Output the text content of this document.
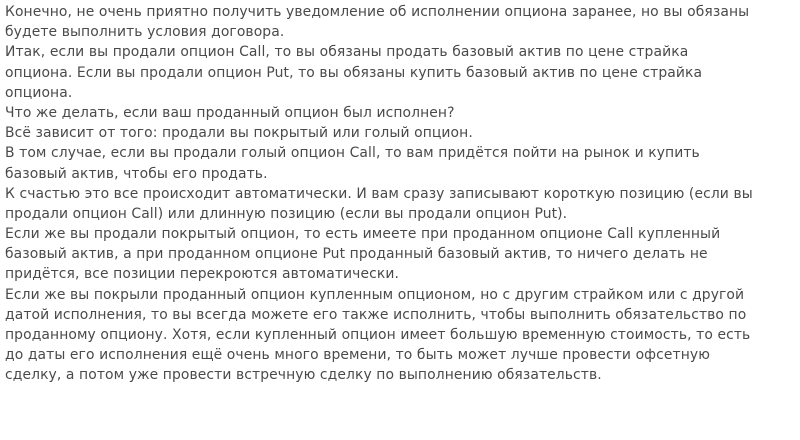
Конечно, не очень приятно получить уведомление об исполнении опциона заранее, но вы обязаны
будете выполнить условия договора.
Итак, если вы продали опцион Call, то вы обязаны продать базовый актив по цене страйка
опциона. Если вы продали опцион Put, то вы обязаны купить базовый актив по цене страйка
опциона.
Что же делать, если ваш проданный опцион был исполнен?
Всё зависит от того: продали вы покрытый или голый опцион.
В том случае, если вы продали голый опцион Call, то вам придётся пойти на рынок и купить
базовый актив, чтобы его продать.
К счастью это все происходит автоматически. И вам сразу записывают короткую позицию (если вы
продали опцион Call) или длинную позицию (если вы продали опцион Put).
Если же вы продали покрытый опцион, то есть имеете при проданном опционе Call купленный
базовый актив, а при проданном опционе Put проданный базовый актив, то ничего делать не
придётся, все позиции перекроются автоматически.
Если же вы покрыли проданный опцион купленным опционом, но с другим страйком или с другой
датой исполнения, то вы всегда можете его также исполнить, чтобы выполнить обязательство по
проданному опциону. Хотя, если купленный опцион имеет большую временную стоимость, то есть
до даты его исполнения ещё очень много времени, то быть может лучше провести офсетную
сделку, а потом уже провести встречную сделку по выполнению обязательств.
